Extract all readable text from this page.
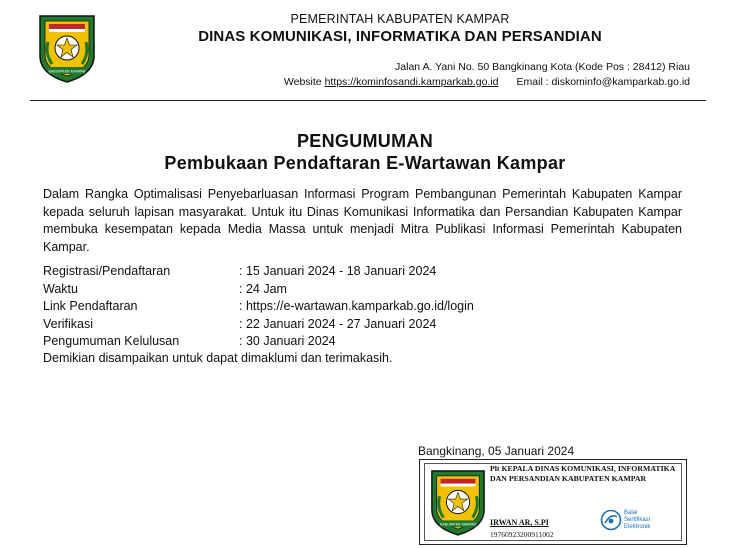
KABUPATEN KAMPAR
PEMERINTAH KABUPATEN KAMPAR
DINAS KOMUNIKASI, INFORMATIKA DAN PERSANDIAN
Jalan A. Yani No. 50 Bangkinang Kota (Kode Pos : 28412) Riau
Website https://kominfosandi.kamparkab.go.id Email : diskominfo@kamparkab.go.id
PENGUMUMAN
Pembukaan Pendaftaran E-Wartawan Kampar
Dalam Rangka Optimalisasi Penyebarluasan Informasi Program Pembangunan Pemerintah Kabupaten Kampar kepada seluruh lapisan masyarakat. Untuk itu Dinas Komunikasi Informatika dan Persandian Kabupaten Kampar membuka kesempatan kepada Media Massa untuk menjadi Mitra Publikasi Informasi Pemerintah Kabupaten Kampar.
Registrasi/Pendaftaran	: 15 Januari 2024 - 18 Januari 2024
Waktu	: 24 Jam
Link Pendaftaran	: https://e-wartawan.kamparkab.go.id/login
Verifikasi	: 22 Januari 2024 - 27 Januari 2024
Pengumuman Kelulusan	: 30 Januari 2024
Demikian disampaikan untuk dapat dimaklumi dan terimakasih.
Bangkinang, 05 Januari 2024
KABUPATEN KAMPAR
Plt KEPALA DINAS KOMUNIKASI, INFORMATIKA
DAN PERSANDIAN KABUPATEN KAMPAR
IRWAN AR, S.PI
19760923200911002
Balai
Sertifikasi
Elektronik
